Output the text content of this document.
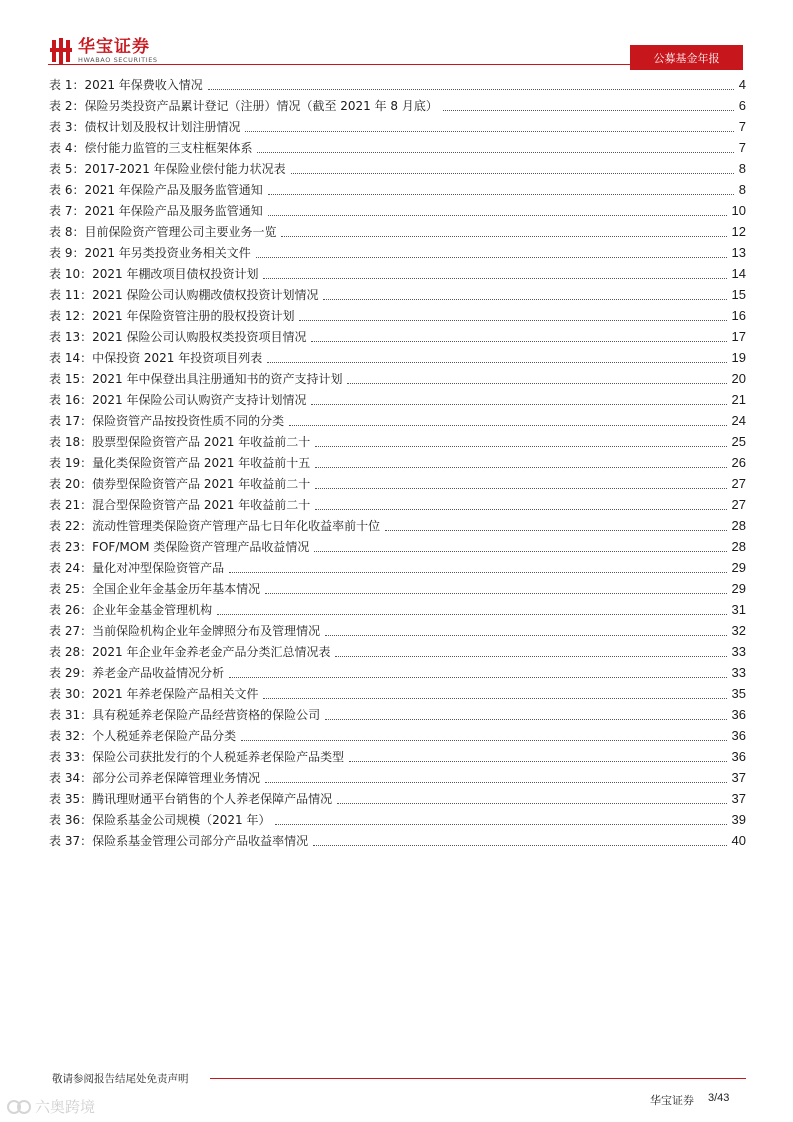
华宝证券
HWABAO SECURITIES	公募基金年报
表 1：2021 年保费收入情况	4
表 2：保险另类投资产品累计登记（注册）情况（截至 2021 年 8 月底）	6
表 3：债权计划及股权计划注册情况	7
表 4：偿付能力监管的三支柱框架体系	7
表 5：2017-2021 年保险业偿付能力状况表	8
表 6：2021 年保险产品及服务监管通知	8
表 7：2021 年保险产品及服务监管通知	10
表 8：目前保险资产管理公司主要业务一览	12
表 9：2021 年另类投资业务相关文件	13
表 10：2021 年棚改项目债权投资计划	14
表 11：2021 保险公司认购棚改债权投资计划情况	15
表 12：2021 年保险资管注册的股权投资计划	16
表 13：2021 保险公司认购股权类投资项目情况	17
表 14：中保投资 2021 年投资项目列表	19
表 15：2021 年中保登出具注册通知书的资产支持计划	20
表 16：2021 年保险公司认购资产支持计划情况	21
表 17：保险资管产品按投资性质不同的分类	24
表 18：股票型保险资管产品 2021 年收益前二十	25
表 19：量化类保险资管产品 2021 年收益前十五	26
表 20：债券型保险资管产品 2021 年收益前二十	27
表 21：混合型保险资管产品 2021 年收益前二十	27
表 22：流动性管理类保险资产管理产品七日年化收益率前十位	28
表 23：FOF/MOM 类保险资产管理产品收益情况	28
表 24：量化对冲型保险资管产品	29
表 25：全国企业年金基金历年基本情况	29
表 26：企业年金基金管理机构	31
表 27：当前保险机构企业年金牌照分布及管理情况	32
表 28：2021 年企业年金养老金产品分类汇总情况表	33
表 29：养老金产品收益情况分析	33
表 30：2021 年养老保险产品相关文件	35
表 31：具有税延养老保险产品经营资格的保险公司	36
表 32：个人税延养老保险产品分类	36
表 33：保险公司获批发行的个人税延养老保险产品类型	36
表 34：部分公司养老保障管理业务情况	37
表 35：腾讯理财通平台销售的个人养老保障产品情况	37
表 36：保险系基金公司规模（2021 年）	39
表 37：保险系基金管理公司部分产品收益率情况	40
敬请参阅报告结尾处免责声明
华宝证券 3/43
六奥跨境
